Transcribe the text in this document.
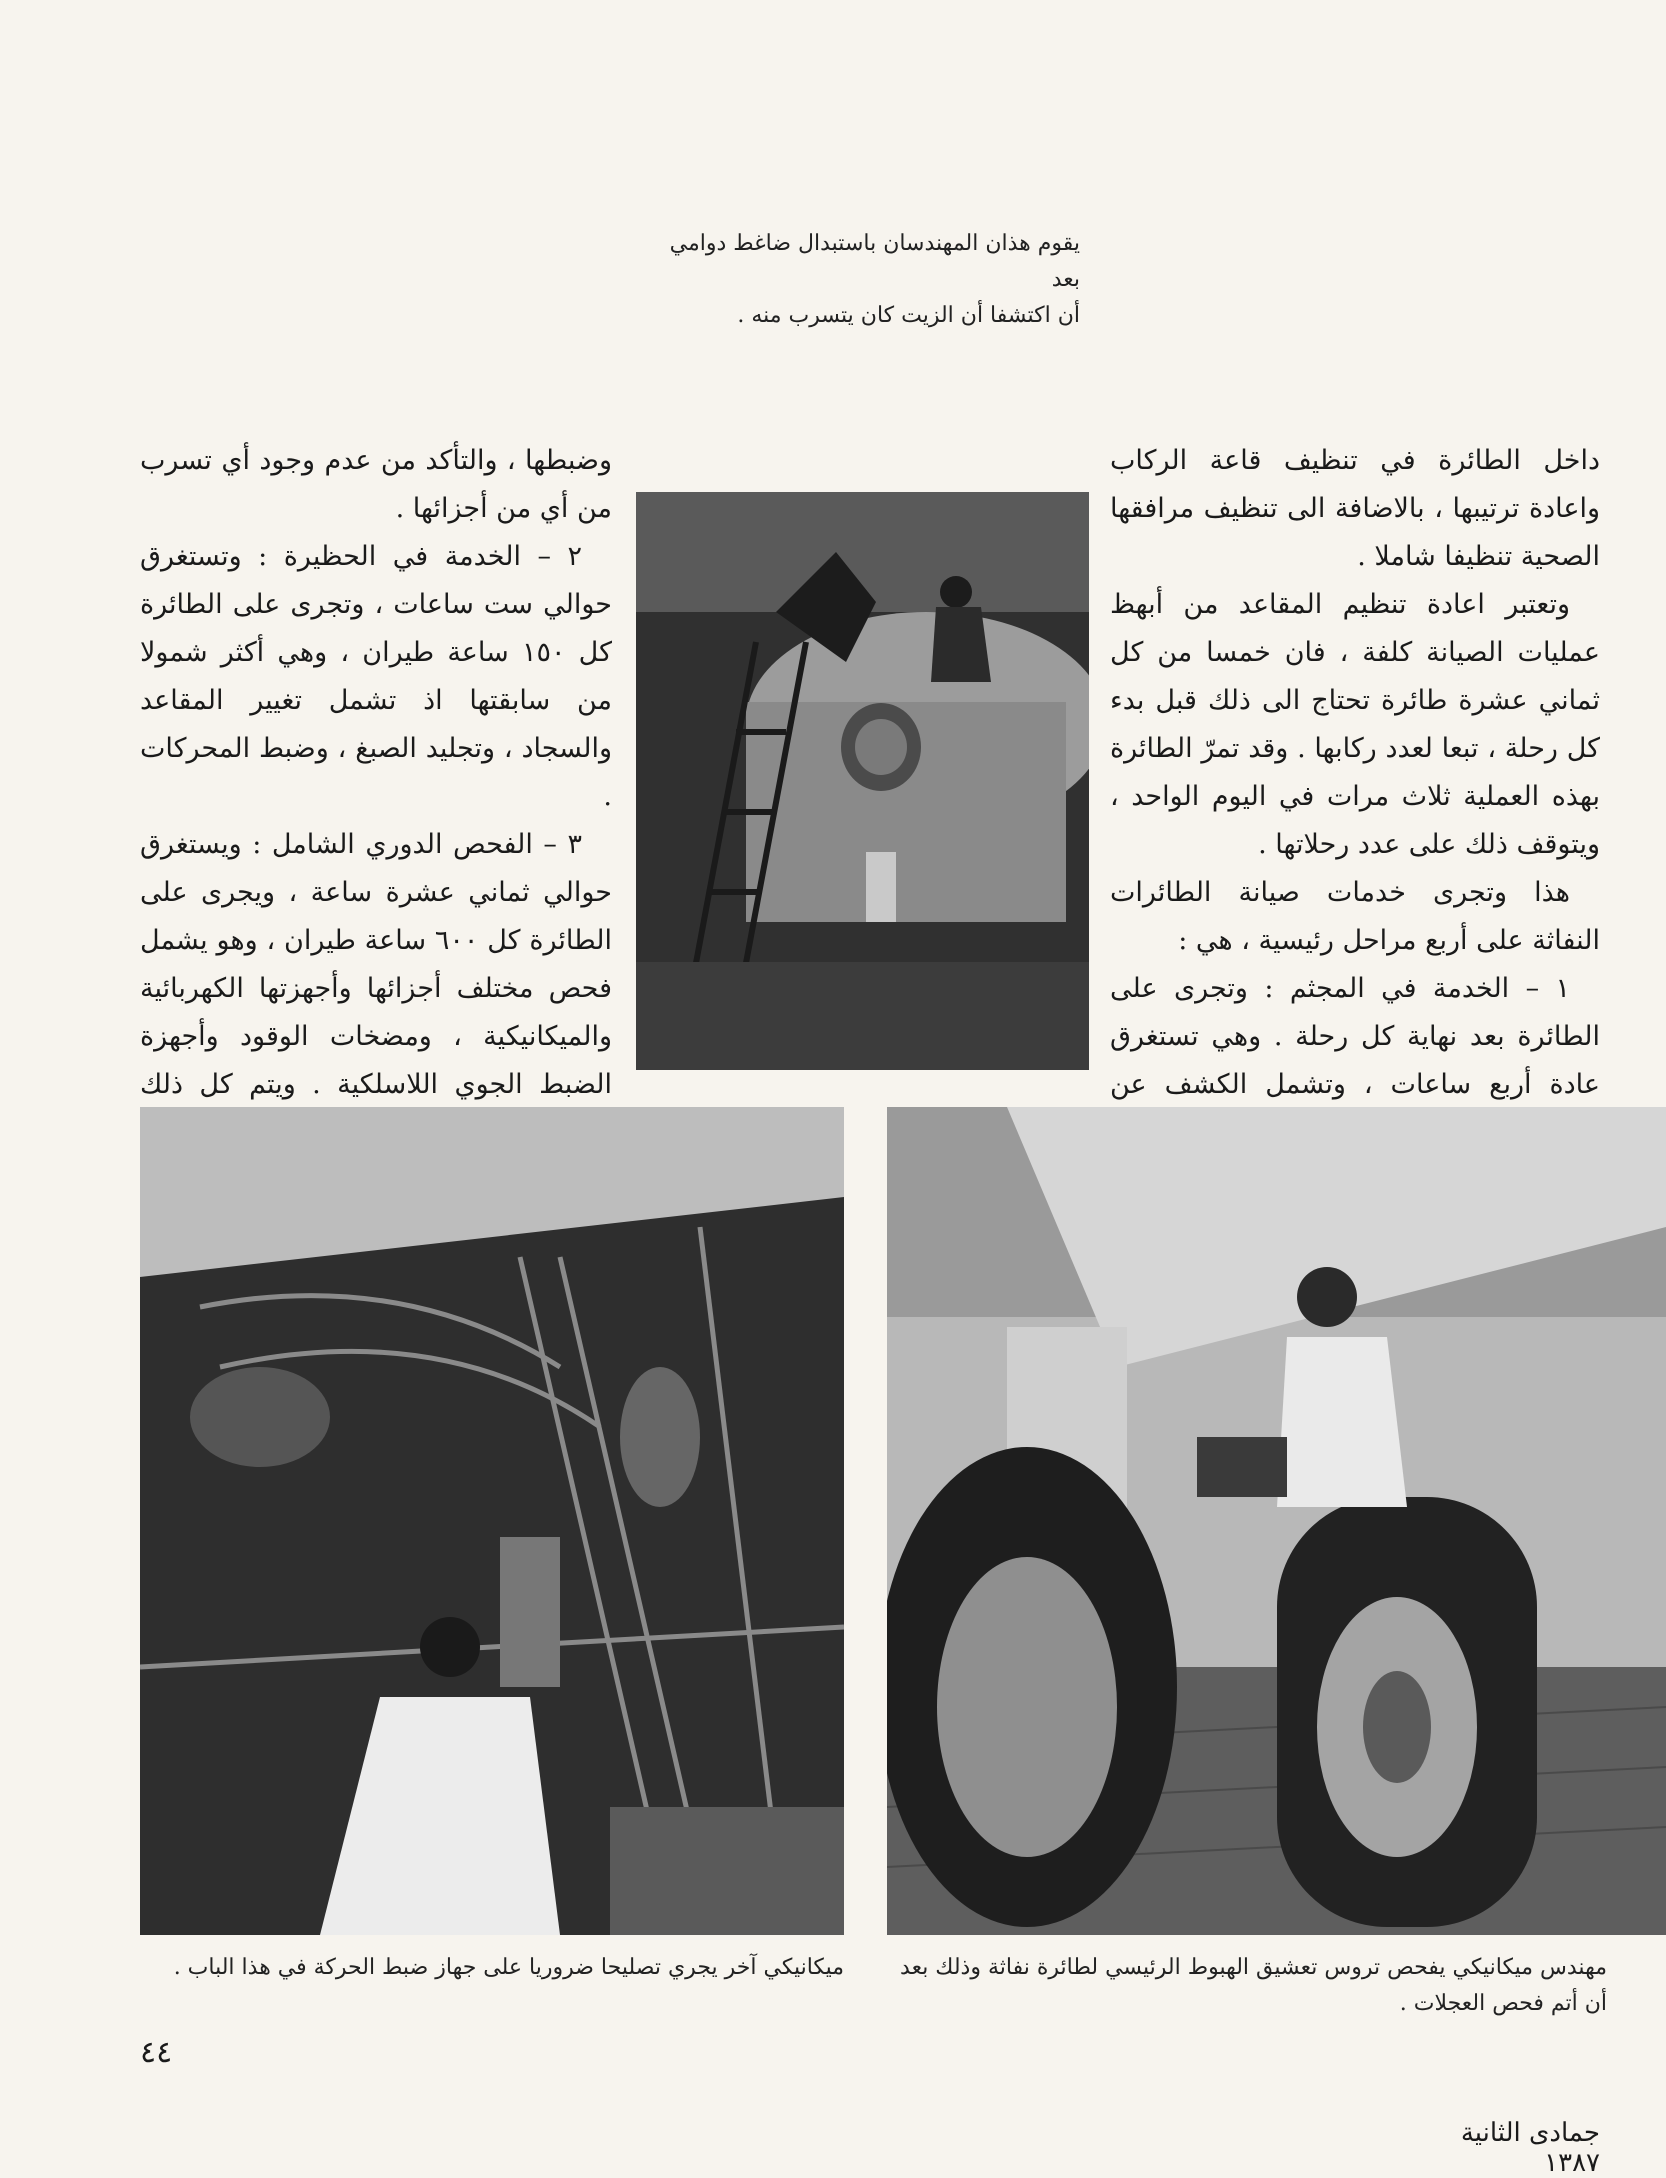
يقوم هذان المهندسان باستبدال ضاغط دوامي بعد
أن اكتشفا أن الزيت كان يتسرب منه .

داخل الطائرة في تنظيف قاعة الركاب واعادة ترتيبها ، بالاضافة الى تنظيف مرافقها الصحية تنظيفا شاملا .

وتعتبر اعادة تنظيم المقاعد من أبهظ عمليات الصيانة كلفة ، فان خمسا من كل ثماني عشرة طائرة تحتاج الى ذلك قبل بدء كل رحلة ، تبعا لعدد ركابها . وقد تمرّ الطائرة بهذه العملية ثلاث مرات في اليوم الواحد ، ويتوقف ذلك على عدد رحلاتها .

هذا وتجرى خدمات صيانة الطائرات النفاثة على أربع مراحل رئيسية ، هي :

١ – الخدمة في المجثم : وتجرى على الطائرة بعد نهاية كل رحلة . وهي تستغرق عادة أربع ساعات ، وتشمل الكشف عن

وضبطها ، والتأكد من عدم وجود أي تسرب من أي من أجزائها .

٢ – الخدمة في الحظيرة : وتستغرق حوالي ست ساعات ، وتجرى على الطائرة كل ١٥٠ ساعة طيران ، وهي أكثر شمولا من سابقتها اذ تشمل تغيير المقاعد والسجاد ، وتجليد الصبغ ، وضبط المحركات .

٣ – الفحص الدوري الشامل : ويستغرق حوالي ثماني عشرة ساعة ، ويجرى على الطائرة كل ٦٠٠ ساعة طيران ، وهو يشمل فحص مختلف أجزائها وأجهزتها الكهربائية والميكانيكية ، ومضخات الوقود وأجهزة الضبط الجوي اللاسلكية . ويتم كل ذلك

مهندس ميكانيكي يفحص تروس تعشيق الهبوط الرئيسي لطائرة نفاثة وذلك بعد
أن أتم فحص العجلات .
ميكانيكي آخر يجري تصليحا ضروريا على جهاز ضبط الحركة في هذا الباب .
٤٤
جمادى الثانية ١٣٨٧
